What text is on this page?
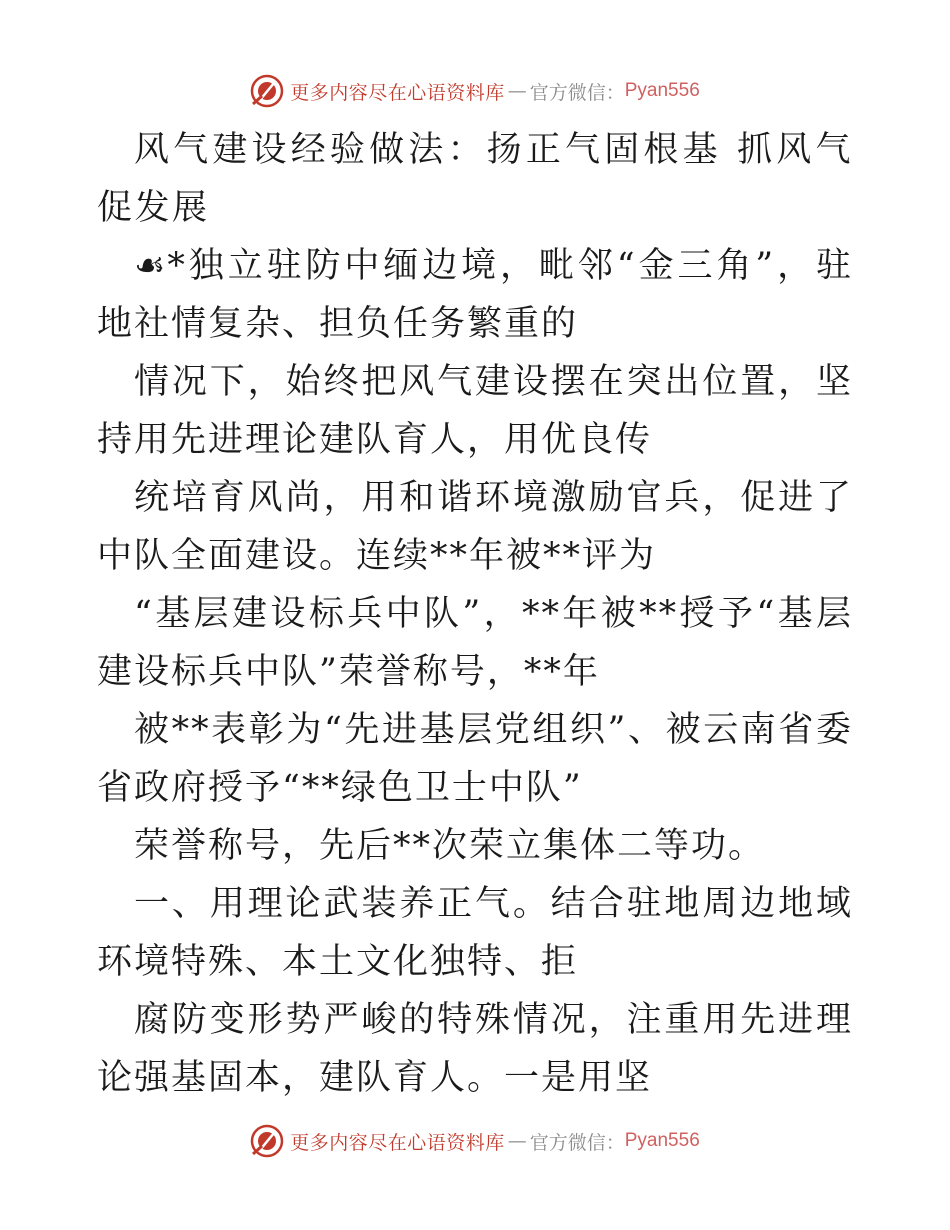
更多内容尽在心语资料库 — 官方微信： Pyan556

风气建设经验做法：扬正气固根基 抓风气促发展

☙*独立驻防中缅边境，毗邻“金三角”，驻地社情复杂、担负任务繁重的

情况下，始终把风气建设摆在突出位置，坚持用先进理论建队育人，用优良传

统培育风尚，用和谐环境激励官兵，促进了中队全面建设。连续**年被**评为

“基层建设标兵中队”，**年被**授予“基层建设标兵中队”荣誉称号，**年

被**表彰为“先进基层党组织”、被云南省委省政府授予“**绿色卫士中队”

荣誉称号，先后**次荣立集体二等功。

一、用理论武装养正气。结合驻地周边地域环境特殊、本土文化独特、拒

腐防变形势严峻的特殊情况，注重用先进理论强基固本，建队育人。一是用坚

更多内容尽在心语资料库 — 官方微信： Pyan556
